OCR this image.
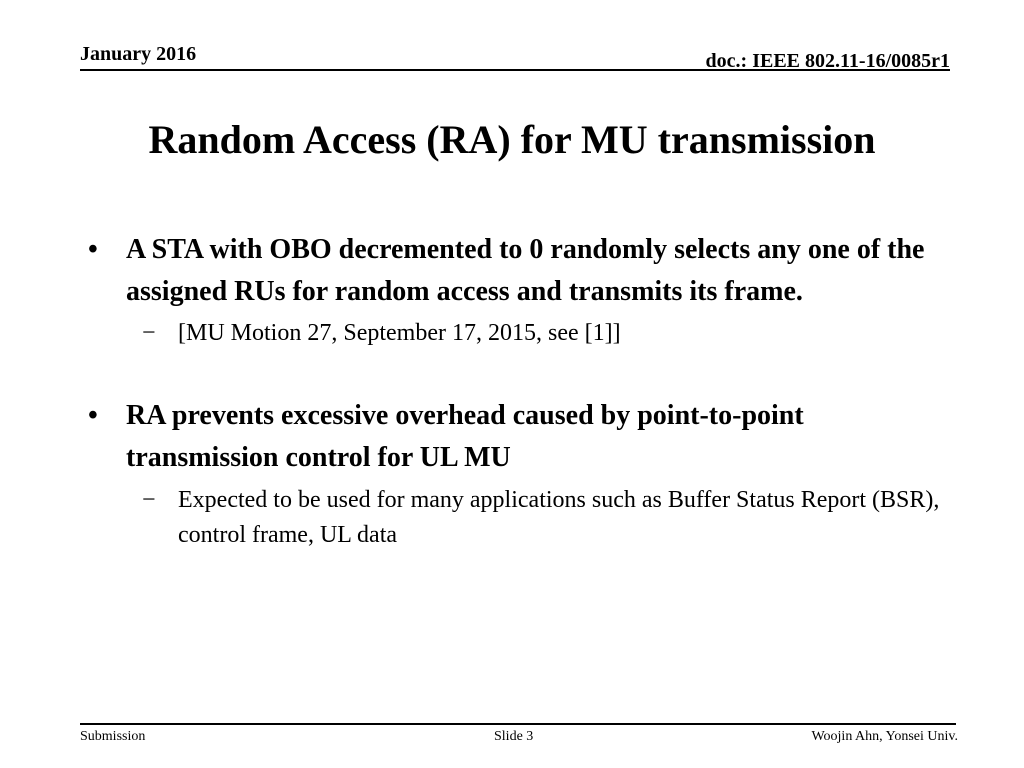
January 2016	doc.: IEEE 802.11-16/0085r1
Random Access (RA) for MU transmission

• A STA with OBO decremented to 0 randomly selects any one of the assigned RUs for random access and transmits its frame.

− [MU Motion 27, September 17, 2015, see [1]]

• RA prevents excessive overhead caused by point-to-point transmission control for UL MU

− Expected to be used for many applications such as Buffer Status Report (BSR), control frame, UL data

Submission	Slide 3	Woojin Ahn, Yonsei Univ.
